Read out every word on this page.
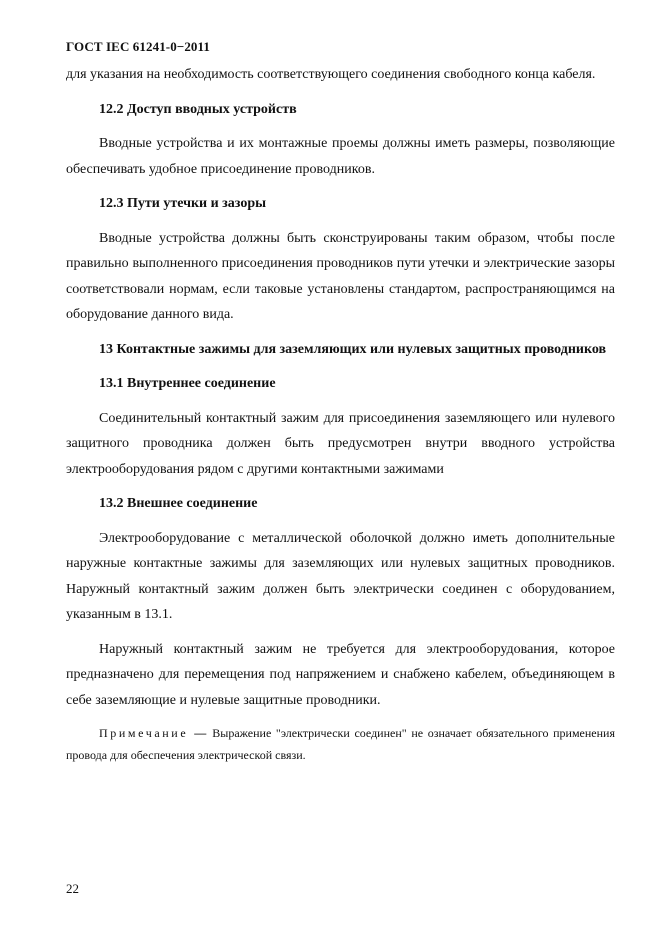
ГОСТ IEC 61241-0−2011

для указания на необходимость соответствующего соединения свободного конца кабеля.

12.2 Доступ вводных устройств

Вводные устройства и их монтажные проемы должны иметь размеры, позволяющие обеспечивать удобное присоединение проводников.

12.3 Пути утечки и зазоры

Вводные устройства должны быть сконструированы таким образом, чтобы после правильно выполненного присоединения проводников пути утечки и электрические зазоры соответствовали нормам, если таковые установлены стандартом, распространяющимся на оборудование данного вида.

13 Контактные зажимы для заземляющих или нулевых защитных проводников

13.1 Внутреннее соединение

Соединительный контактный зажим для присоединения заземляющего или нулевого защитного проводника должен быть предусмотрен внутри вводного устройства электрооборудования рядом с другими контактными зажимами

13.2 Внешнее соединение

Электрооборудование с металлической оболочкой должно иметь дополнительные наружные контактные зажимы для заземляющих или нулевых защитных проводников. Наружный контактный зажим должен быть электрически соединен с оборудованием, указанным в 13.1.

Наружный контактный зажим не требуется для электрооборудования, которое предназначено для перемещения под напряжением и снабжено кабелем, объединяющем в себе заземляющие и нулевые защитные проводники.

Примечание — Выражение "электрически соединен" не означает обязательного применения провода для обеспечения электрической связи.

22
